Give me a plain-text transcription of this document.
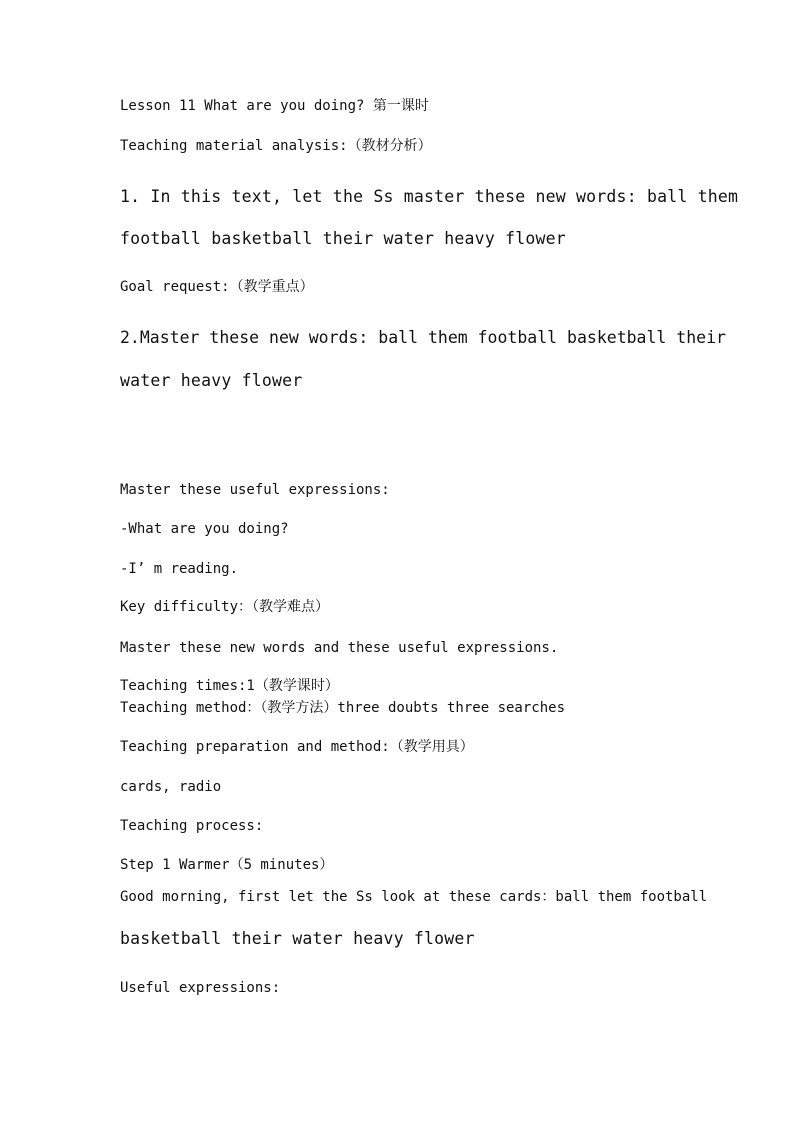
Lesson 11 What are you doing? 第一课时
Teaching material analysis:（教材分析）
1. In this text, let the Ss master these new words: ball them
football basketball their water heavy flower
Goal request:（教学重点）
2.Master these new words: ball them football basketball their
water heavy flower
Master these useful expressions:
-What are you doing?
-I’ m reading.
Key difficulty：（教学难点）
Master these new words and these useful expressions.
Teaching times:1（教学课时）
Teaching method：（教学方法）three doubts three searches
Teaching preparation and method:（教学用具）
cards, radio
Teaching process:
Step 1 Warmer（5 minutes）
Good morning, first let the Ss look at these cards：ball them football
basketball their water heavy flower
Useful expressions:
